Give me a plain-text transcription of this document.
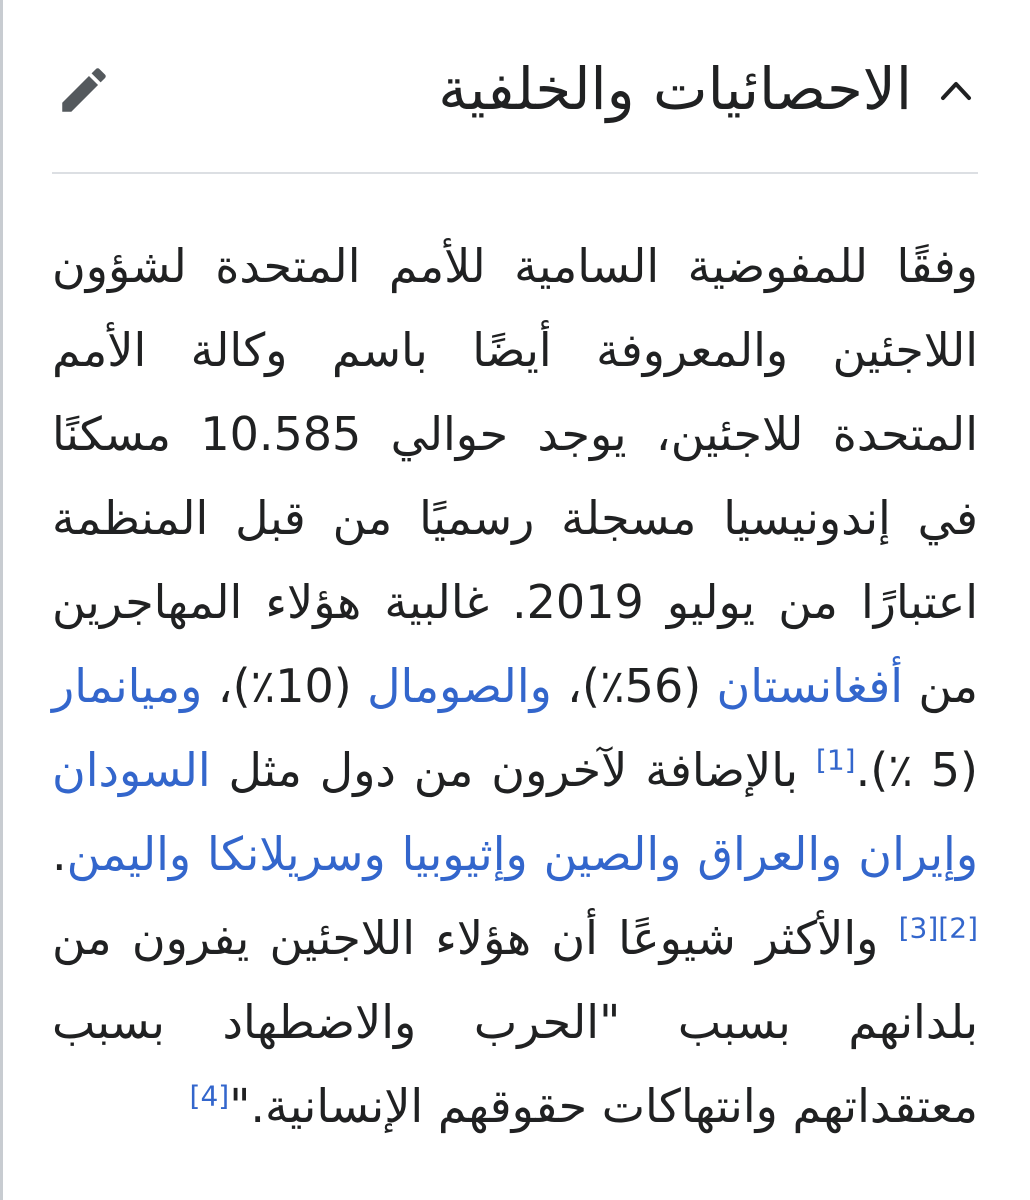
الاحصائيات والخلفية

وفقًا للمفوضية السامية للأمم المتحدة لشؤون اللاجئين والمعروفة أيضًا باسم وكالة الأمم المتحدة للاجئين، يوجد حوالي 10.585 مسكنًا في إندونيسيا مسجلة رسميًا من قبل المنظمة اعتبارًا من يوليو 2019. غالبية هؤلاء المهاجرين من أفغانستان (56٪)، والصومال (10٪)، وميانمار (5 ٪).[1] بالإضافة لآخرون من دول مثل السودان وإيران والعراق والصين وإثيوبيا وسريلانكا واليمن.[2][3] والأكثر شيوعًا أن هؤلاء اللاجئين يفرون من بلدانهم بسبب "الحرب والاضطهاد بسبب معتقداتهم وانتهاكات حقوقهم الإنسانية."[4]
